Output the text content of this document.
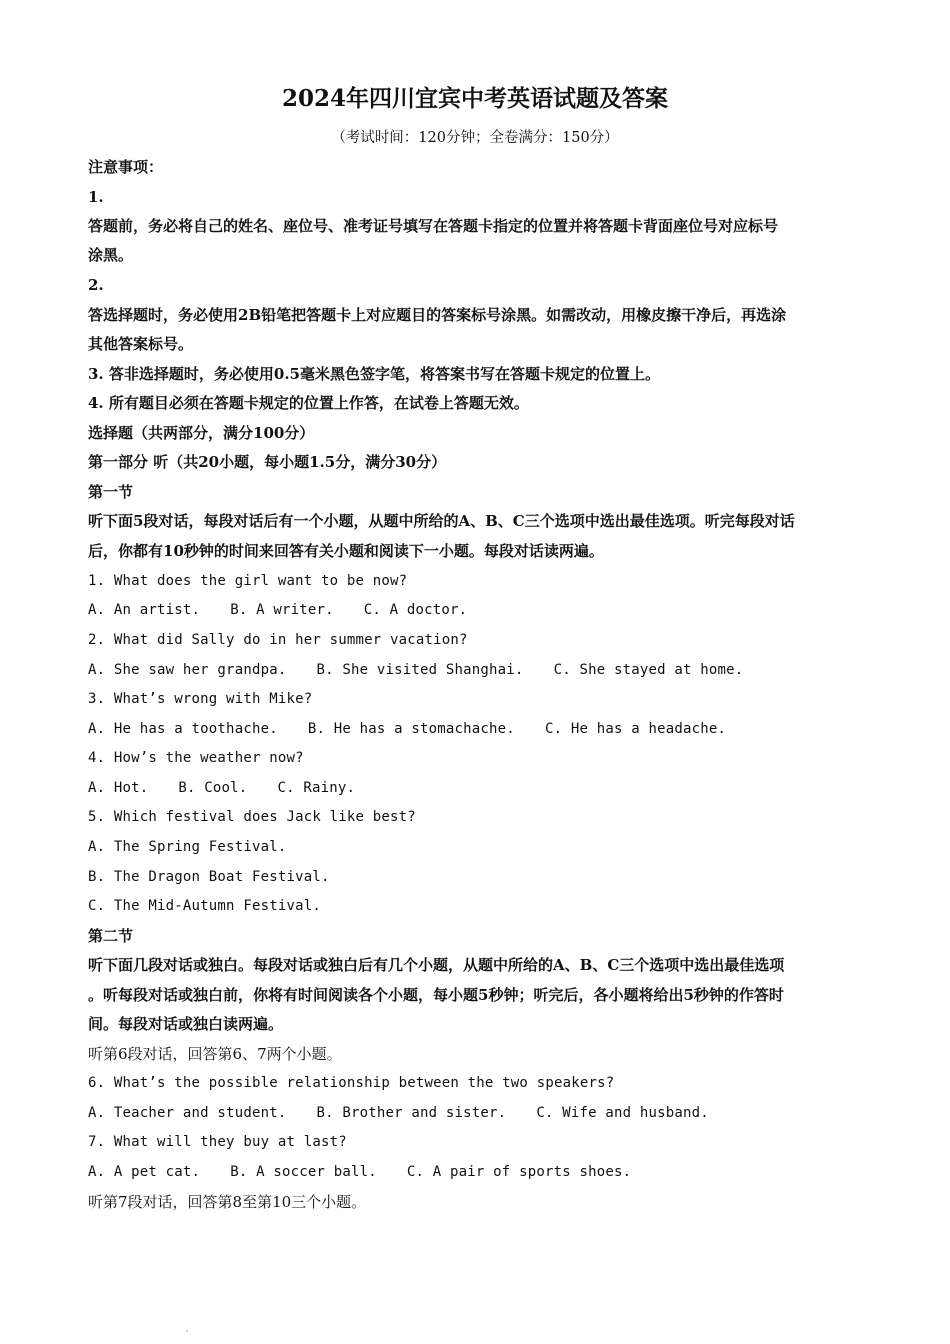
2024年四川宜宾中考英语试题及答案
（考试时间：120分钟；全卷满分：150分）
注意事项：
1.
答题前，务必将自己的姓名、座位号、准考证号填写在答题卡指定的位置并将答题卡背面座位号对应标号
涂黑。
2.
答选择题时，务必使用2B铅笔把答题卡上对应题目的答案标号涂黑。如需改动，用橡皮擦干净后，再选涂
其他答案标号。
3. 答非选择题时，务必使用0.5毫米黑色签字笔，将答案书写在答题卡规定的位置上。
4. 所有题目必须在答题卡规定的位置上作答，在试卷上答题无效。
选择题（共两部分，满分100分）
第一部分 听（共20小题，每小题1.5分，满分30分）
第一节
听下面5段对话，每段对话后有一个小题，从题中所给的A、B、C三个选项中选出最佳选项。听完每段对话
后，你都有10秒钟的时间来回答有关小题和阅读下一小题。每段对话读两遍。
1. What does the girl want to be now?
A. An artist. B. A writer. C. A doctor.
2. What did Sally do in her summer vacation?
A. She saw her grandpa. B. She visited Shanghai. C. She stayed at home.
3. What’s wrong with Mike?
A. He has a toothache. B. He has a stomachache. C. He has a headache.
4. How’s the weather now?
A. Hot. B. Cool. C. Rainy.
5. Which festival does Jack like best?
A. The Spring Festival.
B. The Dragon Boat Festival.
C. The Mid-Autumn Festival.
第二节
听下面几段对话或独白。每段对话或独白后有几个小题，从题中所给的A、B、C三个选项中选出最佳选项
。听每段对话或独白前，你将有时间阅读各个小题，每小题5秒钟；听完后，各小题将给出5秒钟的作答时
间。每段对话或独白读两遍。
听第6段对话，回答第6、7两个小题。
6. What’s the possible relationship between the two speakers?
A. Teacher and student. B. Brother and sister. C. Wife and husband.
7. What will they buy at last?
A. A pet cat. B. A soccer ball. C. A pair of sports shoes.
听第7段对话，回答第8至第10三个小题。
